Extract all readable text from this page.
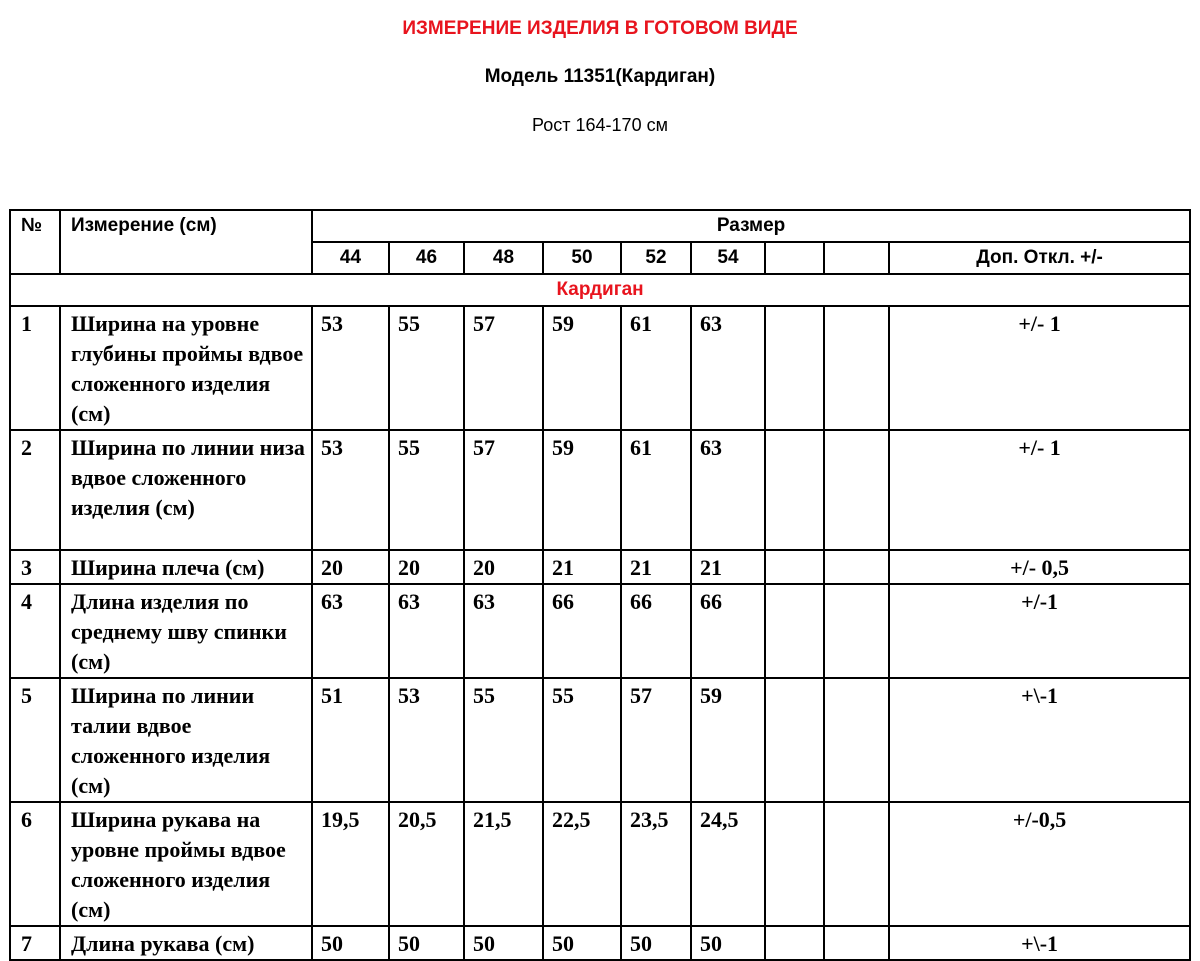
ИЗМЕРЕНИЕ ИЗДЕЛИЯ В ГОТОВОМ ВИДЕ
Модель 11351(Кардиган)
Рост 164-170 см
№	Измерение (см)	Размер								
		44	46	48	50	52	54			Доп. Откл. +/-
Кардиган										
1	Ширина на уровне глубины проймы вдвое сложенного изделия (см)	53	55	57	59	61	63			+/- 1
2	Ширина по линии низа вдвое сложенного изделия (см)	53	55	57	59	61	63			+/- 1
3	Ширина плеча (см)	20	20	20	21	21	21			+/- 0,5
4	Длина изделия по среднему шву спинки (см)	63	63	63	66	66	66			+/-1
5	Ширина по линии талии вдвое сложенного изделия (см)	51	53	55	55	57	59			+\-1
6	Ширина рукава на уровне проймы вдвое сложенного изделия (см)	19,5	20,5	21,5	22,5	23,5	24,5			+/-0,5
7	Длина рукава (см)	50	50	50	50	50	50			+\-1
